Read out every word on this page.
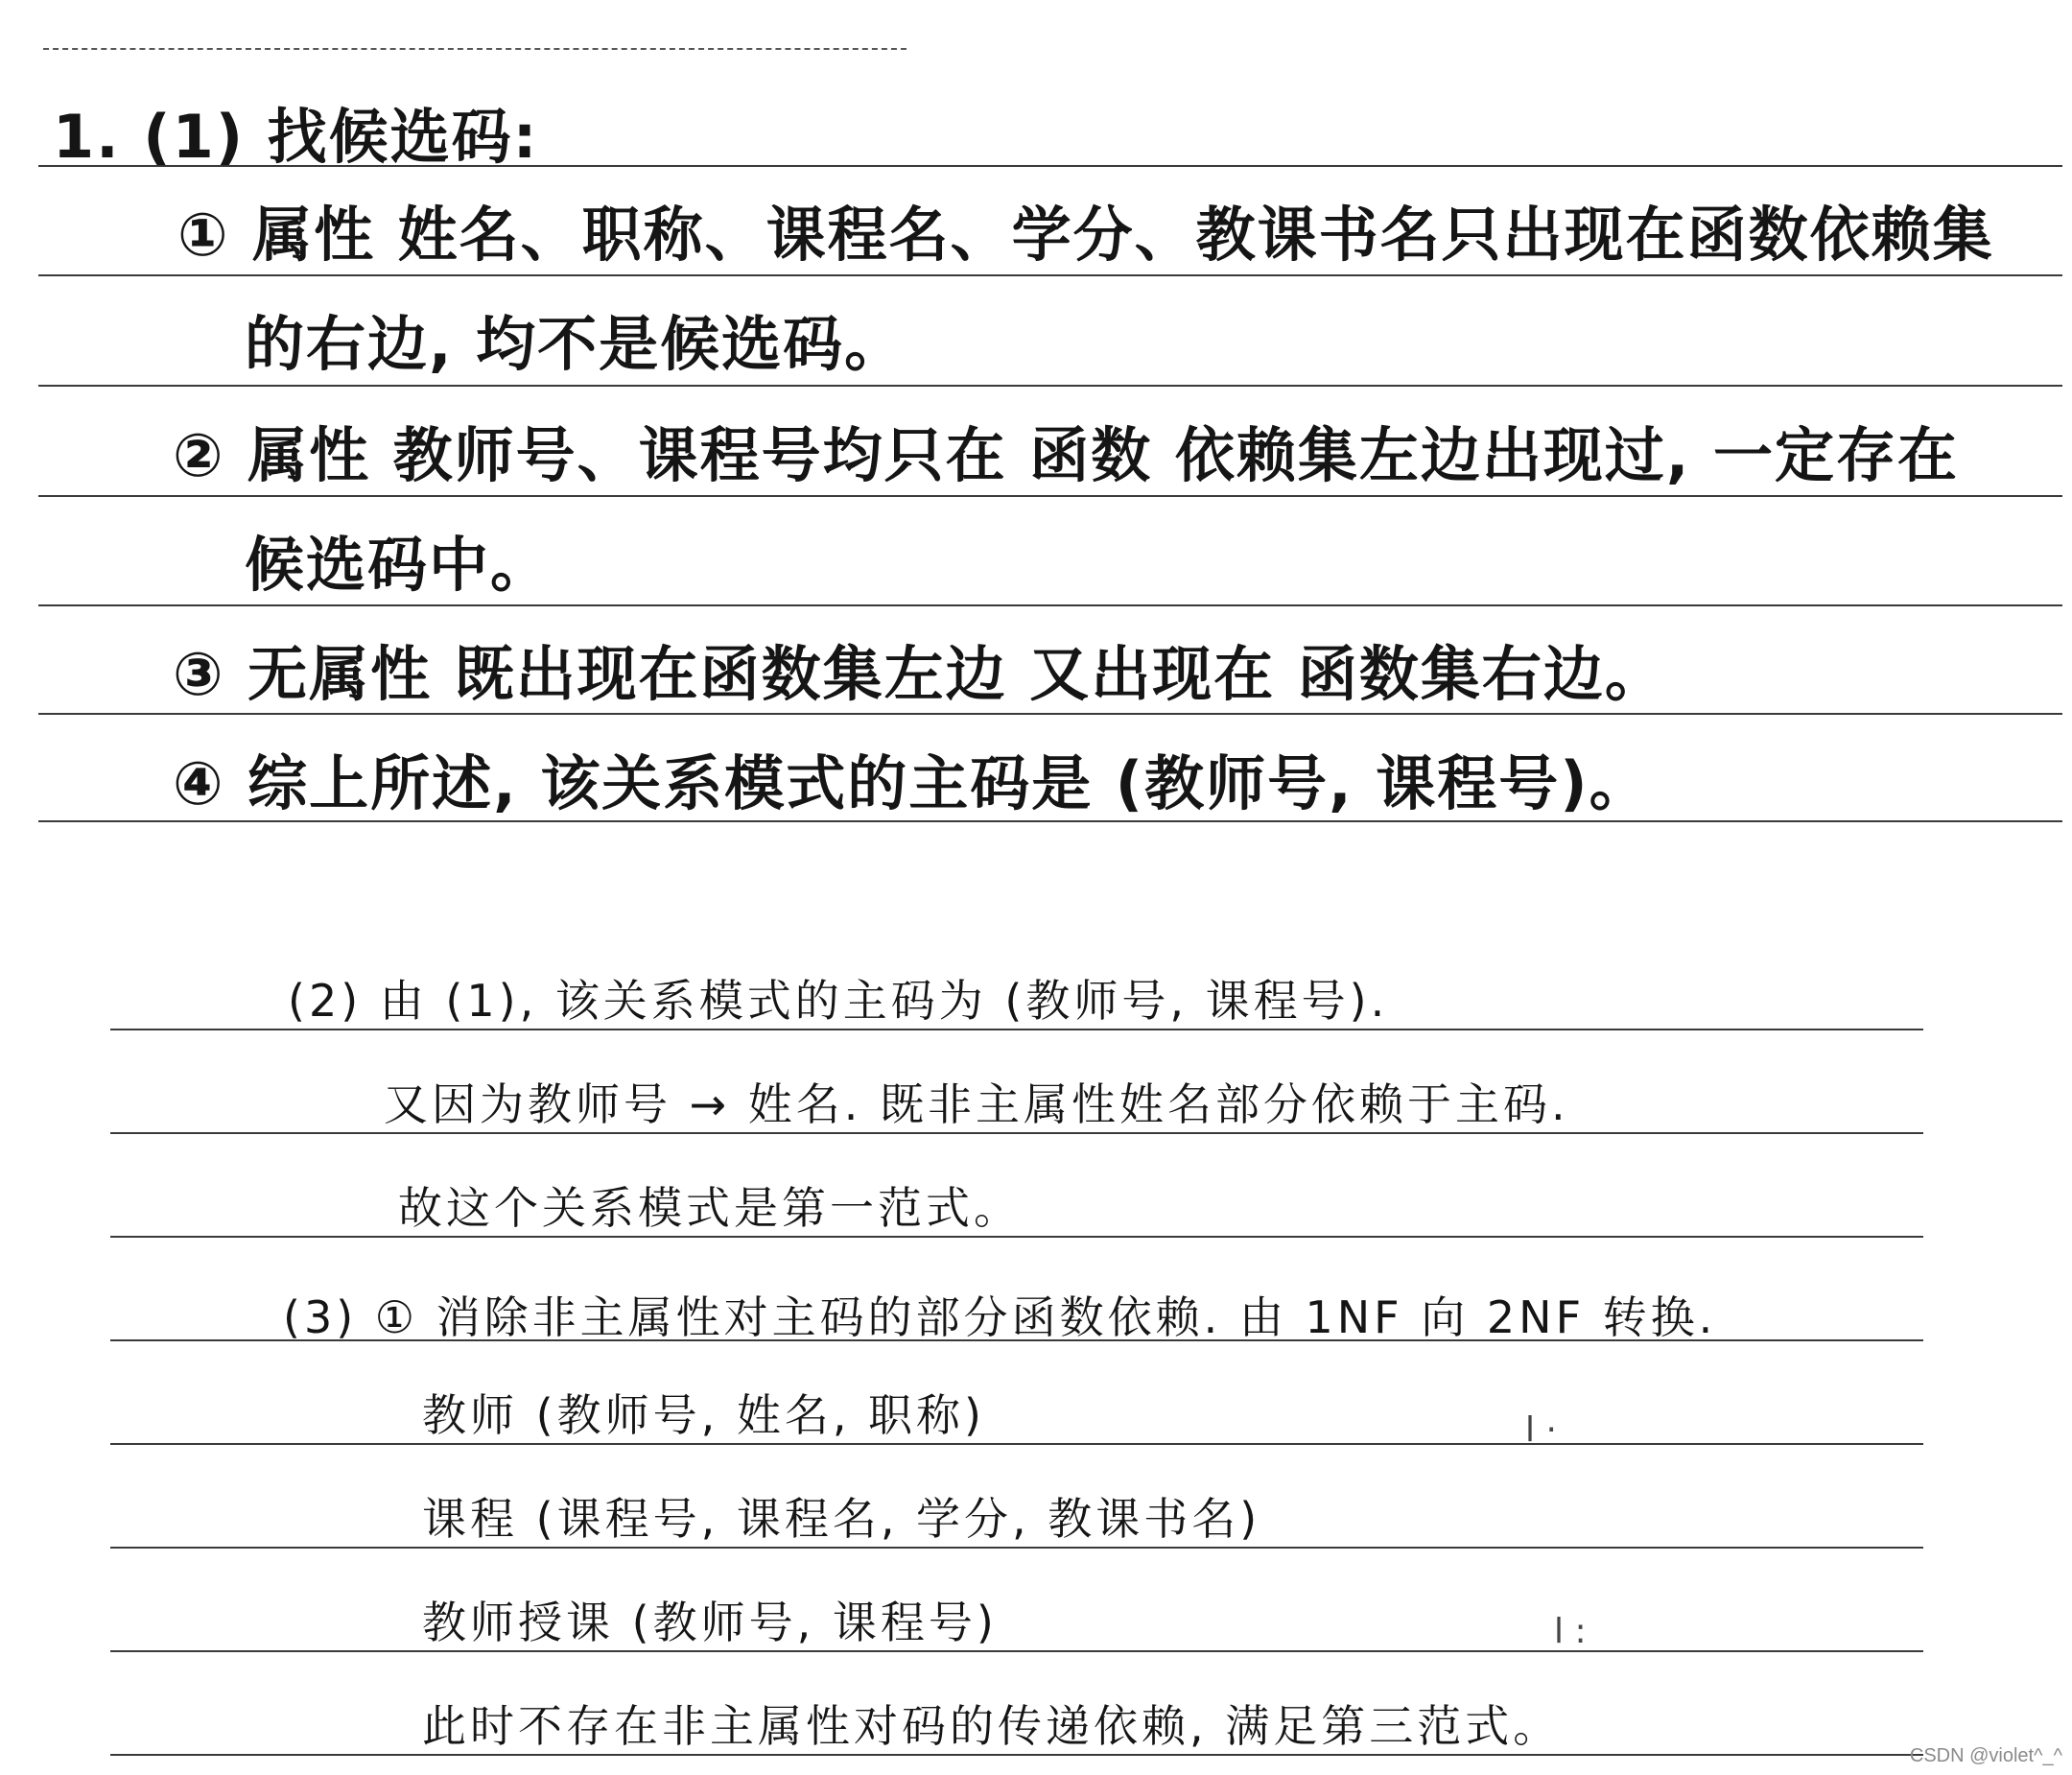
1. (1) 找候选码:
① 属性 姓名、职称、课程名、学分、教课书名只出现在函数依赖集
的右边, 均不是候选码。
② 属性 教师号、课程号均只在 函数 依赖集左边出现过, 一定存在
候选码中。
③ 无属性 既出现在函数集左边 又出现在 函数集右边。
④ 综上所述, 该关系模式的主码是 (教师号, 课程号)。
(2) 由 (1), 该关系模式的主码为 (教师号, 课程号).
又因为教师号 → 姓名. 既非主属性姓名部分依赖于主码.
故这个关系模式是第一范式。
(3) ① 消除非主属性对主码的部分函数依赖. 由 1NF 向 2NF 转换.
教师 (教师号, 姓名, 职称)
课程 (课程号, 课程名, 学分, 教课书名)
教师授课 (教师号, 课程号)
此时不存在非主属性对码的传递依赖, 满足第三范式。
ⅼ ·
ⅼ :
CSDN @violet^_^
